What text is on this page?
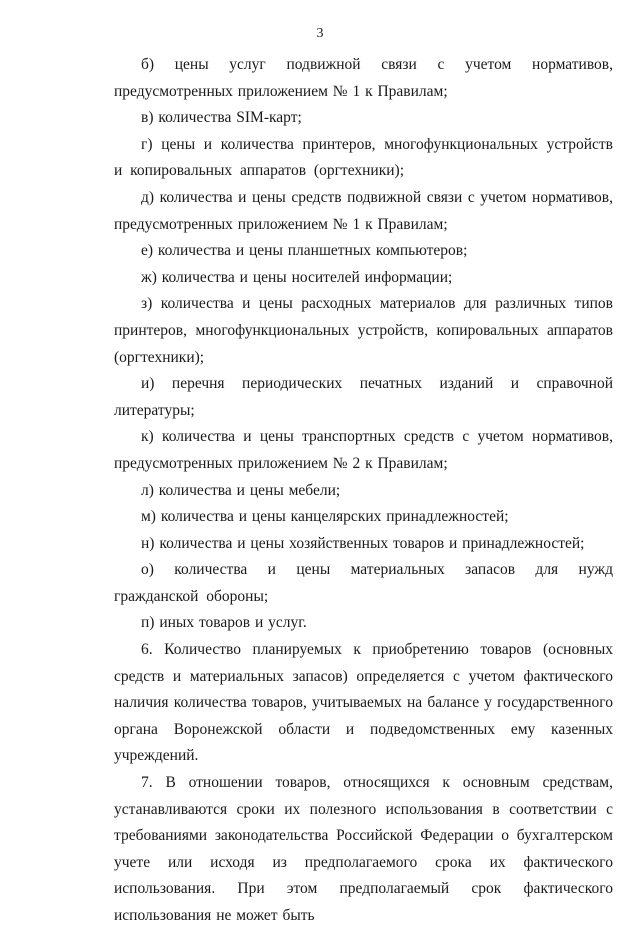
3

б) цены услуг подвижной связи с учетом нормативов, предусмотренных приложением № 1 к Правилам;

в) количества SIM-карт;

г) цены и количества принтеров, многофункциональных устройств и копировальных аппаратов (оргтехники);

д) количества и цены средств подвижной связи с учетом нормативов, предусмотренных приложением № 1 к Правилам;

е) количества и цены планшетных компьютеров;

ж) количества и цены носителей информации;

з) количества и цены расходных материалов для различных типов принтеров, многофункциональных устройств, копировальных аппаратов (оргтехники);

и) перечня периодических печатных изданий и справочной литературы;

к) количества и цены транспортных средств с учетом нормативов, предусмотренных приложением № 2 к Правилам;

л) количества и цены мебели;

м) количества и цены канцелярских принадлежностей;

н) количества и цены хозяйственных товаров и принадлежностей;

о) количества и цены материальных запасов для нужд гражданской обороны;

п) иных товаров и услуг.

6. Количество планируемых к приобретению товаров (основных средств и материальных запасов) определяется с учетом фактического наличия количества товаров, учитываемых на балансе у государственного органа Воронежской области и подведомственных ему казенных учреждений.

7. В отношении товаров, относящихся к основным средствам, устанавливаются сроки их полезного использования в соответствии с требованиями законодательства Российской Федерации о бухгалтерском учете или исходя из предполагаемого срока их фактического использования. При этом предполагаемый срок фактического использования не может быть
